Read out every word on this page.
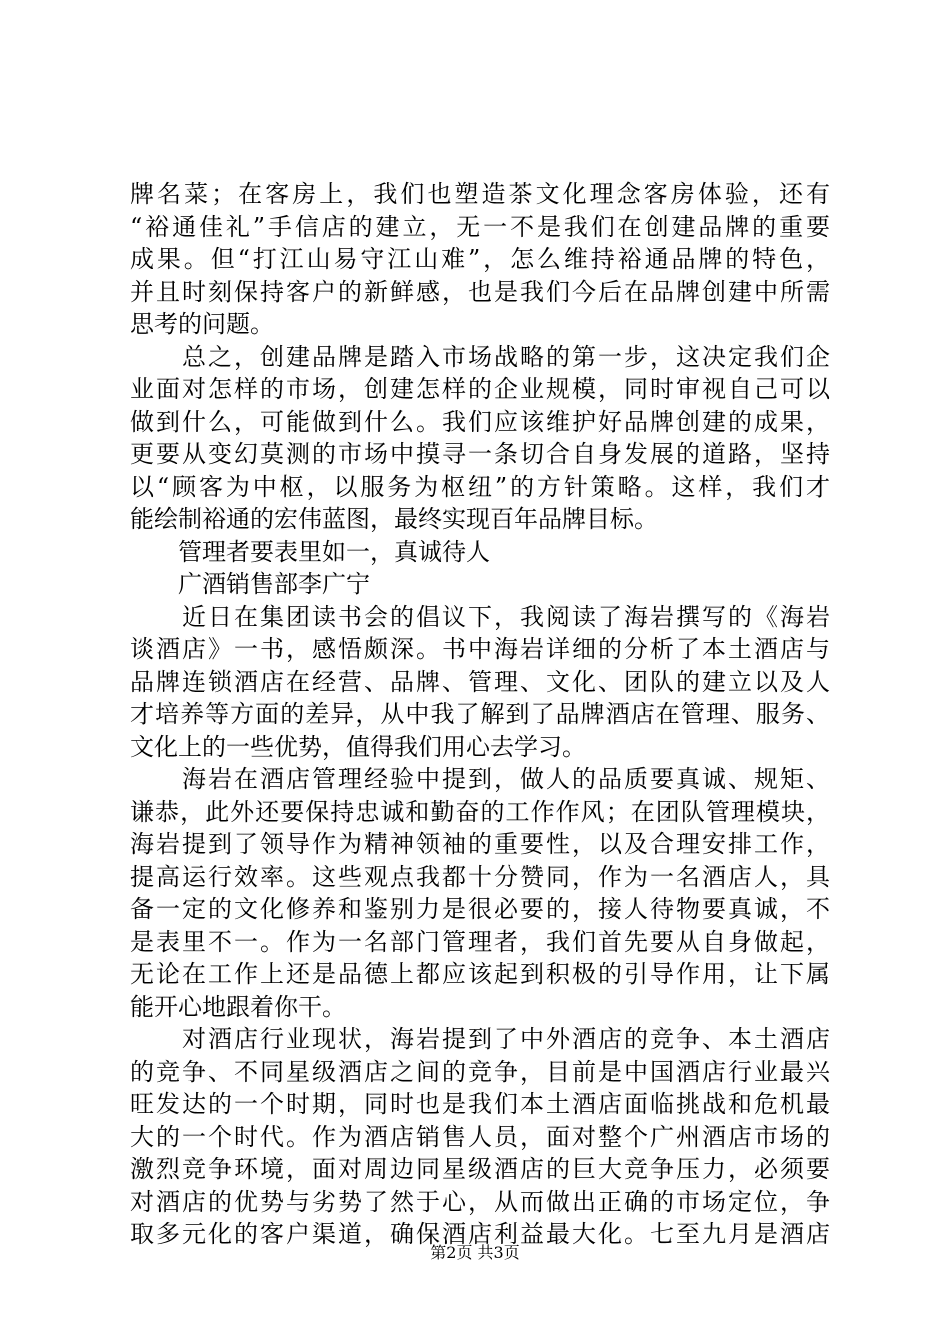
牌名菜；在客房上，我们也塑造茶文化理念客房体验，还有
“裕通佳礼”手信店的建立，无一不是我们在创建品牌的重要
成果。但“打江山易守江山难”，怎么维持裕通品牌的特色，
并且时刻保持客户的新鲜感，也是我们今后在品牌创建中所需
思考的问题。
　　总之，创建品牌是踏入市场战略的第一步，这决定我们企
业面对怎样的市场，创建怎样的企业规模，同时审视自己可以
做到什么，可能做到什么。我们应该维护好品牌创建的成果，
更要从变幻莫测的市场中摸寻一条切合自身发展的道路，坚持
以“顾客为中枢，以服务为枢纽”的方针策略。这样，我们才
能绘制裕通的宏伟蓝图，最终实现百年品牌目标。
　　管理者要表里如一，真诚待人
　　广酒销售部李广宁
　　近日在集团读书会的倡议下，我阅读了海岩撰写的《海岩
谈酒店》一书，感悟颇深。书中海岩详细的分析了本土酒店与
品牌连锁酒店在经营、品牌、管理、文化、团队的建立以及人
才培养等方面的差异，从中我了解到了品牌酒店在管理、服务、
文化上的一些优势，值得我们用心去学习。
　　海岩在酒店管理经验中提到，做人的品质要真诚、规矩、
谦恭，此外还要保持忠诚和勤奋的工作作风；在团队管理模块，
海岩提到了领导作为精神领袖的重要性，以及合理安排工作，
提高运行效率。这些观点我都十分赞同，作为一名酒店人，具
备一定的文化修养和鉴别力是很必要的，接人待物要真诚，不
是表里不一。作为一名部门管理者，我们首先要从自身做起，
无论在工作上还是品德上都应该起到积极的引导作用，让下属
能开心地跟着你干。
　　对酒店行业现状，海岩提到了中外酒店的竞争、本土酒店
的竞争、不同星级酒店之间的竞争，目前是中国酒店行业最兴
旺发达的一个时期，同时也是我们本土酒店面临挑战和危机最
大的一个时代。作为酒店销售人员，面对整个广州酒店市场的
激烈竞争环境，面对周边同星级酒店的巨大竞争压力，必须要
对酒店的优势与劣势了然于心，从而做出正确的市场定位，争
取多元化的客户渠道，确保酒店利益最大化。七至九月是酒店
第2页 共3页
